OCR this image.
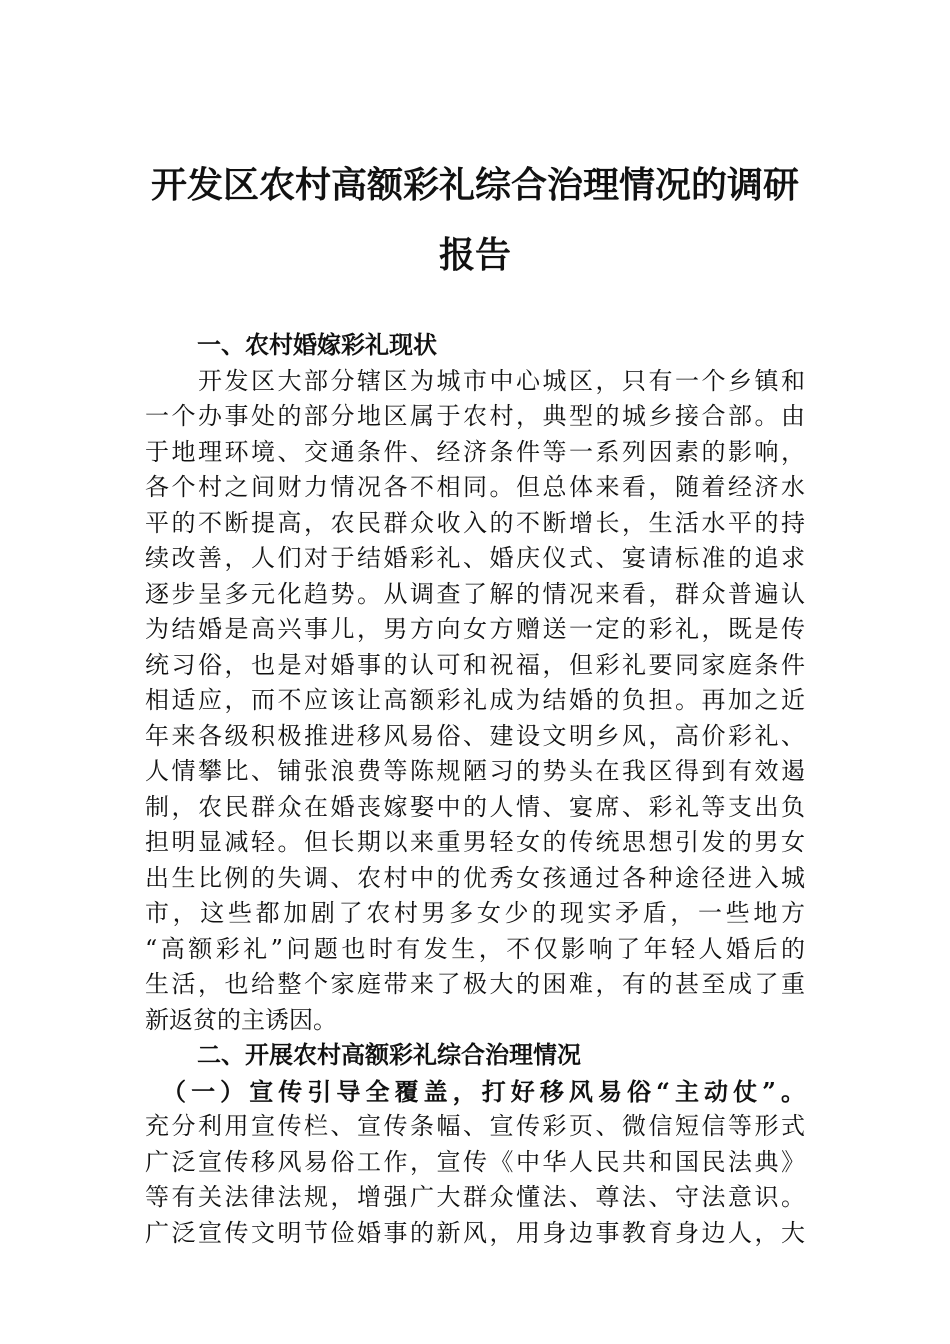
开发区农村高额彩礼综合治理情况的调研
报告

一、农村婚嫁彩礼现状

　　开发区大部分辖区为城市中心城区，只有一个乡镇和

一个办事处的部分地区属于农村，典型的城乡接合部。由

于地理环境、交通条件、经济条件等一系列因素的影响，

各个村之间财力情况各不相同。但总体来看，随着经济水

平的不断提高，农民群众收入的不断增长，生活水平的持

续改善，人们对于结婚彩礼、婚庆仪式、宴请标准的追求

逐步呈多元化趋势。从调查了解的情况来看，群众普遍认

为结婚是高兴事儿，男方向女方赠送一定的彩礼，既是传

统习俗，也是对婚事的认可和祝福，但彩礼要同家庭条件

相适应，而不应该让高额彩礼成为结婚的负担。再加之近

年来各级积极推进移风易俗、建设文明乡风，高价彩礼、

人情攀比、铺张浪费等陈规陋习的势头在我区得到有效遏

制，农民群众在婚丧嫁娶中的人情、宴席、彩礼等支出负

担明显减轻。但长期以来重男轻女的传统思想引发的男女

出生比例的失调、农村中的优秀女孩通过各种途径进入城

市，这些都加剧了农村男多女少的现实矛盾，一些地方

“高额彩礼”问题也时有发生，不仅影响了年轻人婚后的

生活，也给整个家庭带来了极大的困难，有的甚至成了重

新返贫的主诱因。

二、开展农村高额彩礼综合治理情况

　（一）宣传引导全覆盖，打好移风易俗“主动仗”。

充分利用宣传栏、宣传条幅、宣传彩页、微信短信等形式

广泛宣传移风易俗工作，宣传《中华人民共和国民法典》

等有关法律法规，增强广大群众懂法、尊法、守法意识。

广泛宣传文明节俭婚事的新风，用身边事教育身边人，大
